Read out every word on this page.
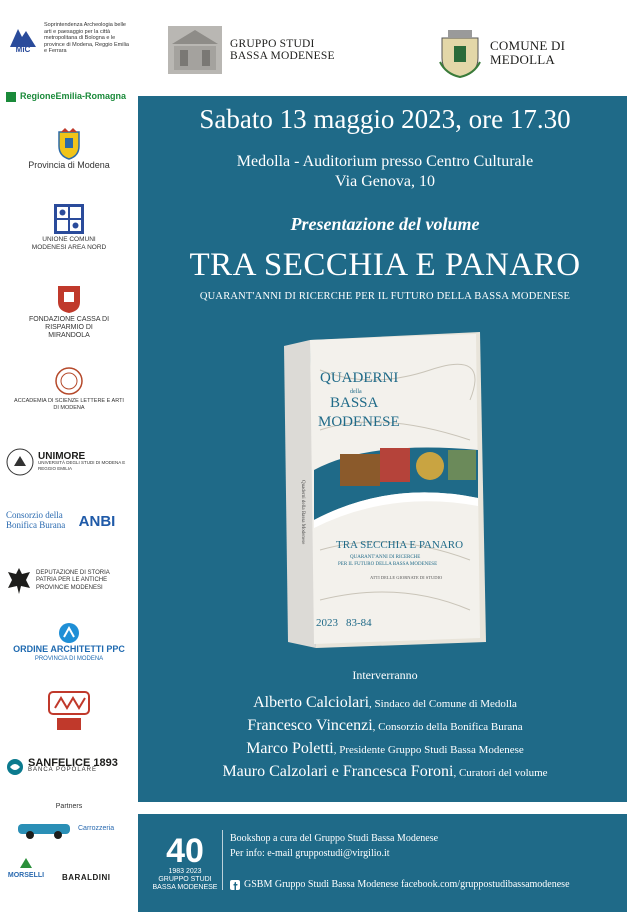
MiC
Soprintendenza Archeologia belle arti e paesaggio per la città metropolitana di Bologna e le province di Modena, Reggio Emilia e Ferrara
RegioneEmilia-Romagna
Provincia di Modena
UNIONE COMUNI MODENESI AREA NORD
FONDAZIONE CASSA DI RISPARMIO DI MIRANDOLA
ACCADEMIA DI SCIENZE LETTERE E ARTI DI MODENA
UNIMORE
UNIVERSITÀ DEGLI STUDI DI MODENA E REGGIO EMILIA
Consorzio della Bonifica Burana ANBI
DEPUTAZIONE DI STORIA PATRIA PER LE ANTICHE PROVINCIE MODENESI
ORDINE ARCHITETTI PPC
PROVINCIA DI MODENA
SANFELICE 1893
BANCA POPOLARE
Partners
Carrozzeria
MORSELLI BARALDINI
GRUPPO STUDI BASSA MODENESE
COMUNE DI MEDOLLA
Sabato 13 maggio 2023, ore 17.30
Medolla - Auditorium presso Centro Culturale
Via Genova, 10
Presentazione del volume
TRA SECCHIA E PANARO
QUARANT'ANNI DI RICERCHE PER IL FUTURO DELLA BASSA MODENESE
QUADERNI
della
BASSA
MODENESE
TRA SECCHIA E PANARO
QUARANT'ANNI DI RICERCHE
PER IL FUTURO DELLA BASSA MODENESE
ATTI DELLE GIORNATE DI STUDIO
2023 83-84
Quaderni della Bassa Modenese
Interverranno
Alberto Calciolari, Sindaco del Comune di Medolla
Francesco Vincenzi, Consorzio della Bonifica Burana
Marco Poletti, Presidente Gruppo Studi Bassa Modenese
Mauro Calzolari e Francesca Foroni, Curatori del volume
40
1983 2023
GRUPPO STUDI BASSA MODENESE
Bookshop a cura del Gruppo Studi Bassa Modenese
Per info: e-mail gruppostudi@virgilio.it
GSBM Gruppo Studi Bassa Modenese facebook.com/gruppostudibassamodenese
